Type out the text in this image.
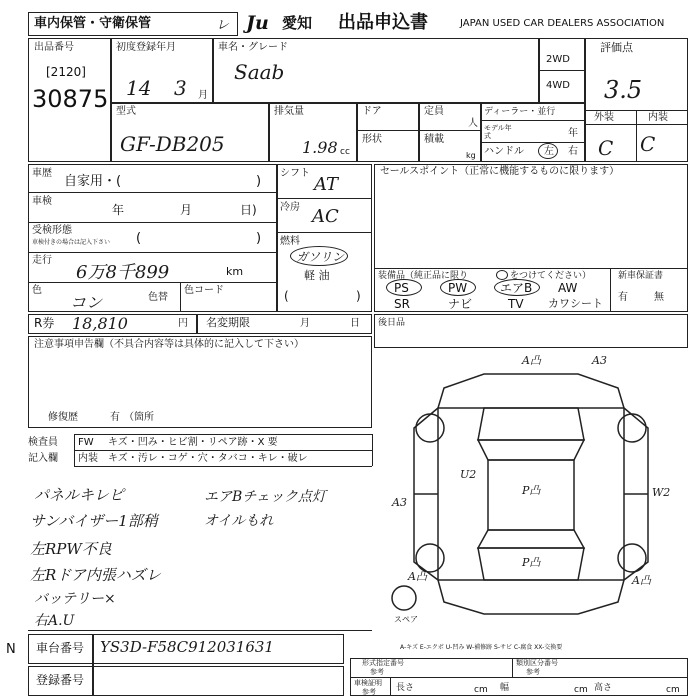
車内保管・守衛保管	レ Ju 愛知 出品申込書	JAPAN USED CAR DEALERS ASSOCIATION
出品番号
[2120]
30875
初度登録年月
14 3 月
車名・グレード
Saab
2WD
4WD
評価点
3.5
型式
GF-DB205
排気量
1.98 cc
ドア	定員
人
形状	積載
kg
ディーラー・並行
モデル年式	年
ハンドル 左 右
外装	内装
C C
車歴
自家用・(	)
車検
年	月	日)
受検形態
車検付きの場合は記入下さい (	)
走行
6万8千899	km
色
コン	色替
色コード
シフト
AT
冷房 AC
燃料
ガソリン
軽 油
(	)
セールスポイント（正常に機能するものに限ります）
装備品（純正品に限り	をつけてください）	新車保証書
有	無
PS	PW	エアB AW
SR	ナビ	TV カワシート
R券 18,810	円 名変期限	月	日 後日品
注意事項申告欄（不具合内容等は具体的に記入して下さい）
修復歴	有 （箇所
検査員
記入欄
FW キズ・凹み・ヒビ割・リペア跡・X 要
内装 キズ・汚レ・コゲ・穴・タバコ・キレ・破レ
パネルキレピ
サンバイザー1部稍
左RPW不良
左Rドア内張ハズレ
バッテリー×
右A.U
エアBチェック点灯
オイルもれ
A凸	A3
U2
P凸	W2
A3
A凸
P凸
A凸
スペア
A-キズ E-エクボ U-凹み W-補修跡 S-サビ C-腐食 XX-交換要
車台番号 YS3D-F58C912031631
登録番号
N
形式指定番号
参考
類別区分番号
参考
車検証明
参考 長さ	cm 幅	cm 高さ	cm
